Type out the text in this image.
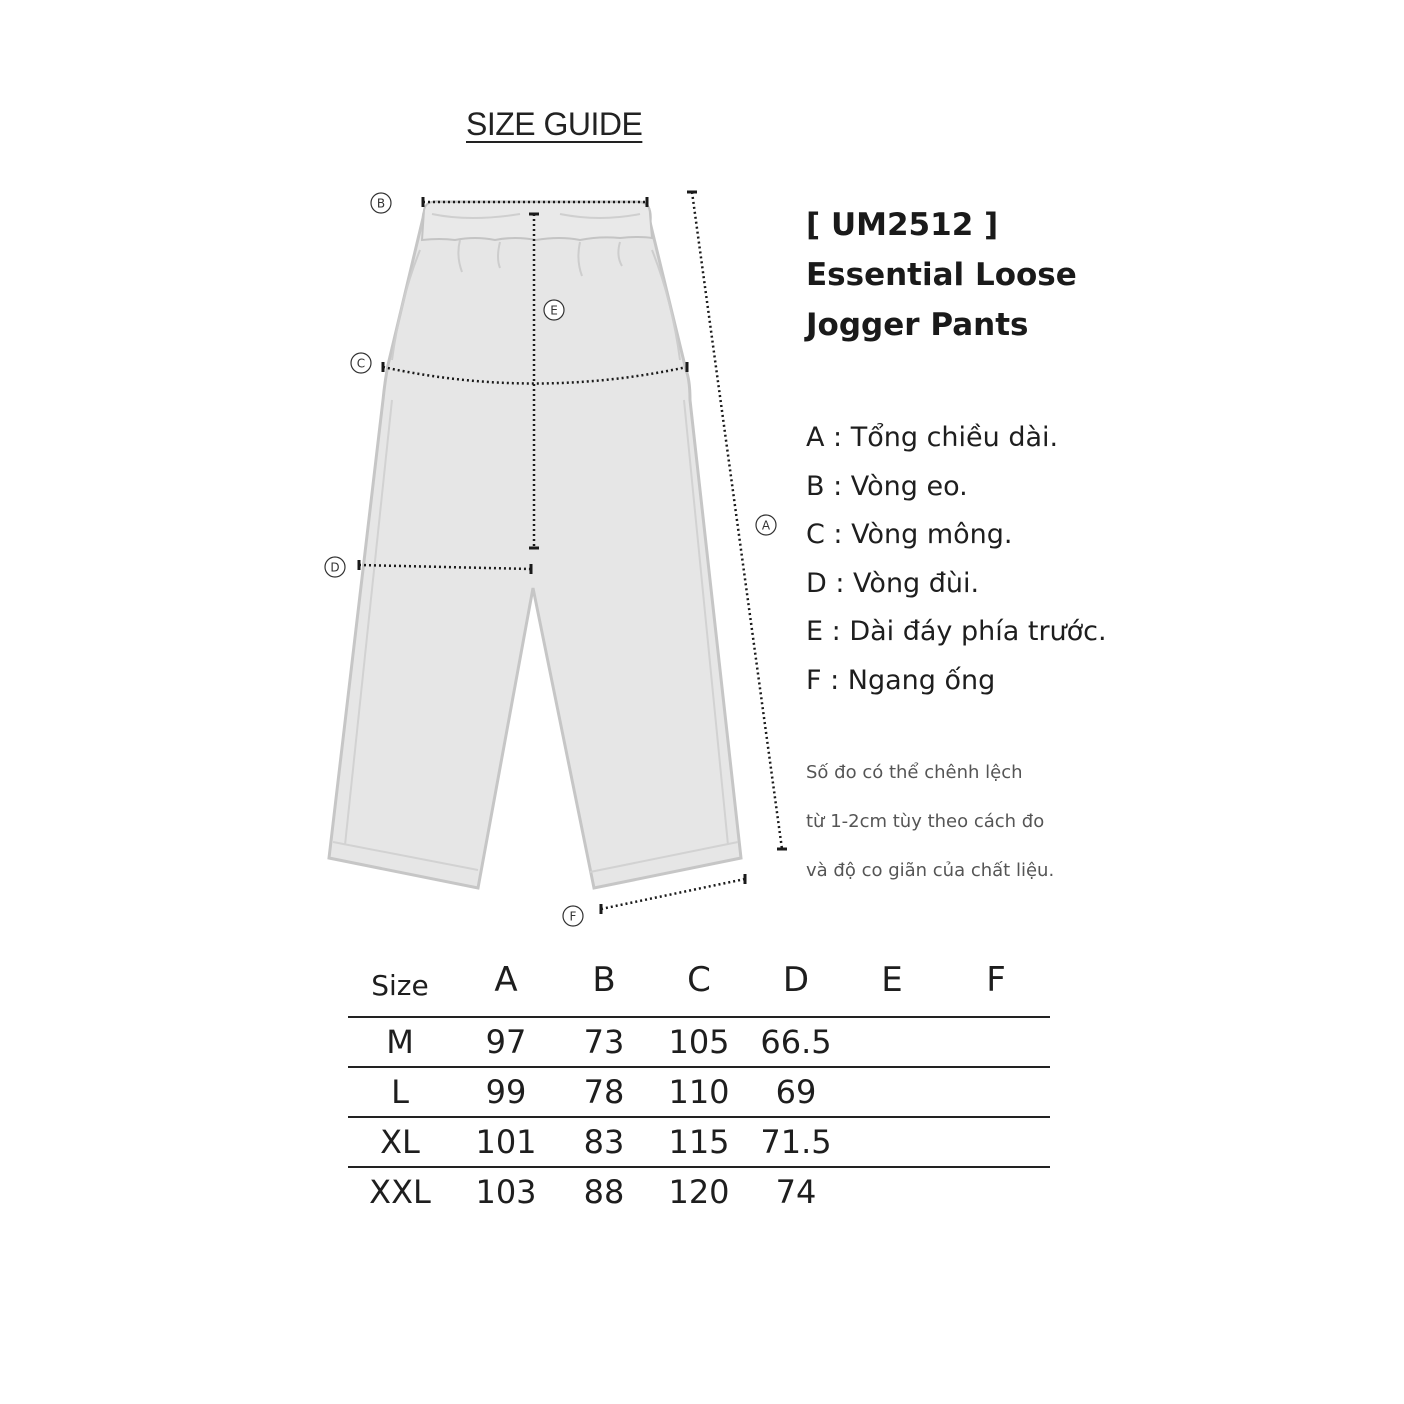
SIZE GUIDE
B
E
C
A
D
F
[ UM2512 ]
Essential Loose
Jogger Pants
A : Tổng chiều dài.
B : Vòng eo.
C : Vòng mông.
D : Vòng đùi.
E : Dài đáy phía trước.
F : Ngang ống
Số đo có thể chênh lệch
từ 1-2cm tùy theo cách đo
và độ co giãn của chất liệu.
Size	A	B	C	D	E	F
M	97	73	105	66.5		
L	99	78	110	69		
XL	101	83	115	71.5		
XXL	103	88	120	74		
